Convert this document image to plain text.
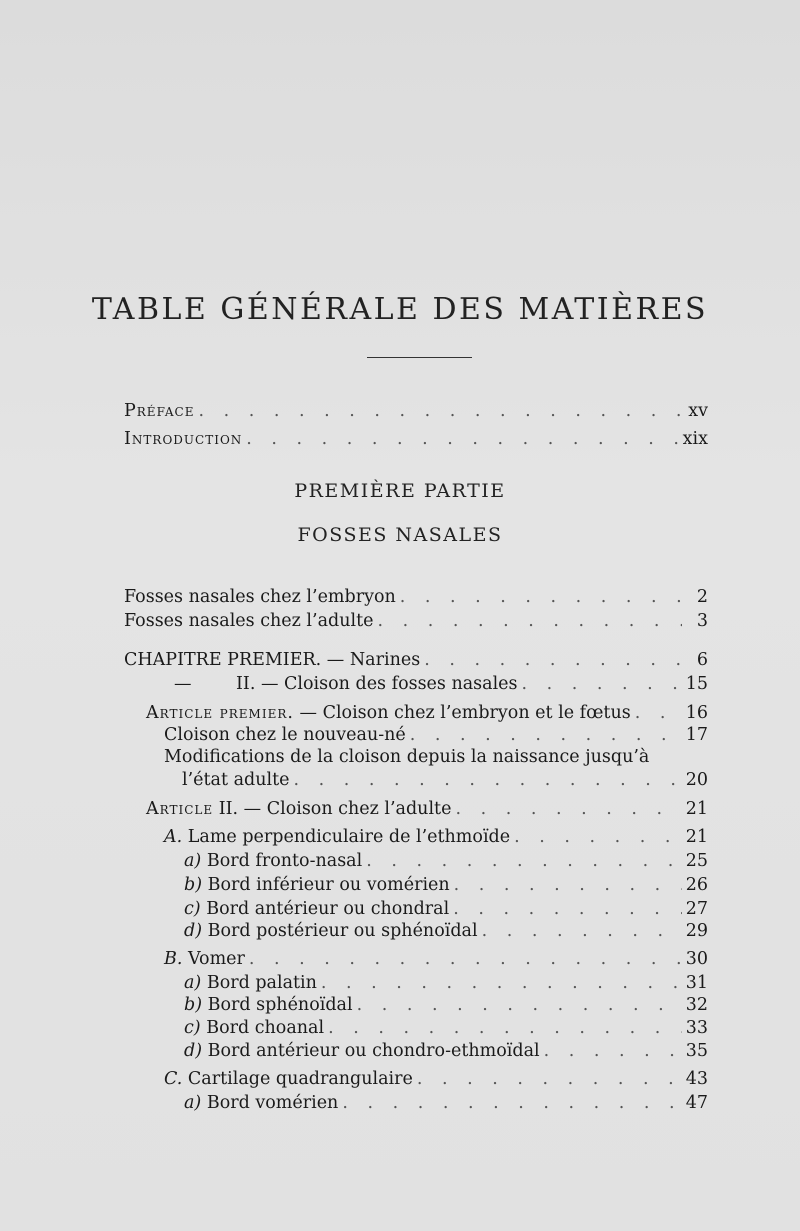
TABLE GÉNÉRALE DES MATIÈRES
Préface . . .	xv
Introduction . . .	xix
PREMIÈRE PARTIE
FOSSES NASALES
Fosses nasales chez l’embryon . . .	2
Fosses nasales chez l’adulte . . .	3
CHAPITRE PREMIER. — Narines . . .	6
—        II. — Cloison des fosses nasales . . .	15
Article premier. — Cloison chez l’embryon et le fœtus . . .	16
Cloison chez le nouveau-né . . .	17
Modifications de la cloison depuis la naissance jusqu’à
l’état adulte . . .	20
Article II. — Cloison chez l’adulte . . .	21
A. Lame perpendiculaire de l’ethmoïde . . .	21
a) Bord fronto-nasal . . .	25
b) Bord inférieur ou vomérien . . .	26
c) Bord antérieur ou chondral . . .	27
d) Bord postérieur ou sphénoïdal . . .	29
B. Vomer . . .	30
a) Bord palatin . . .	31
b) Bord sphénoïdal . . .	32
c) Bord choanal . . .	33
d) Bord antérieur ou chondro-ethmoïdal . . .	35
C. Cartilage quadrangulaire . . .	43
a) Bord vomérien . . .	47
